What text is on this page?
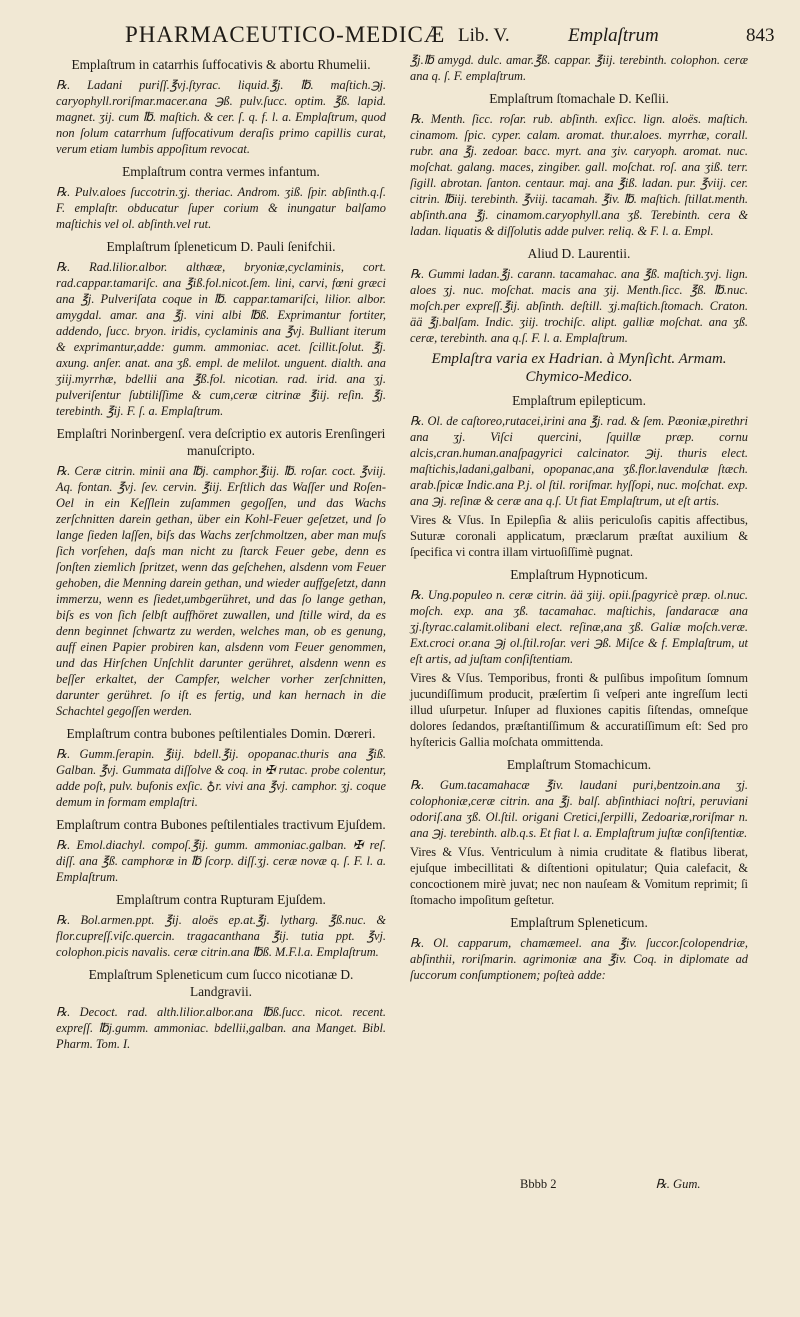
PHARMACEUTICO-MEDICÆ Lib. V.	Emplaſtrum	843
Emplaſtrum in catarrhis ſuffocativis & abortu Rhumelii.

℞. Ladani puriſſ.℥vj.ſtyrac. liquid.℥j. ℔. maſtich.℈j. caryophyll.roriſmar.macer.ana ℈ß. pulv.ſucc. optim. ℥ß. lapid. magnet. ʒij. cum ℔. maſtich. & cer. ſ. q. f. l. a. Emplaſtrum, quod non ſolum catarrhum ſuffocativum deraſis primo capillis curat, verum etiam lumbis appoſitum revocat.

Emplaſtrum contra vermes infantum.

℞. Pulv.aloes ſuccotrin.ʒj. theriac. Androm. ʒiß. ſpir. abſinth.q.ſ. F. emplaſtr. obducatur ſuper corium & inungatur balſamo maſtichis vel ol. abſinth.vel rut.

Emplaſtrum ſpleneticum D. Pauli ſenifchii.

℞. Rad.lilior.albor. althææ, bryoniæ,cyclaminis, cort. rad.cappar.tamariſc. ana ℥iß.fol.nicot.ſem. lini, carvi, fœni græci ana ℥j. Pulveriſata coque in ℔. cappar.tamariſci, lilior. albor. amygdal. amar. ana ℥j. vini albi ℔ß. Exprimantur fortiter, addendo, ſucc. bryon. iridis, cyclaminis ana ℥vj. Bulliant iterum & exprimantur,adde: gumm. ammoniac. acet. ſcillit.ſolut. ℥j. axung. anſer. anat. ana ʒß. empl. de melilot. unguent. dialth. ana ʒiij.myrrhæ, bdellii ana ℥ß.fol. nicotian. rad. irid. ana ʒj. pulveriſentur ſubtiliſſime & cum,ceræ citrinæ ℥iij. reſin. ℥j. terebinth. ℥ij. F. ſ. a. Emplaſtrum.

Emplaſtri Norinbergenſ. vera deſcriptio ex autoris Erenſingeri manuſcripto.

℞. Ceræ citrin. minii ana ℔j. camphor.℥iij. ℔. roſar. coct. ℥viij. Aq. fontan. ℥vj. ſev. cervin. ℥iij. Erſtlich das Waſſer und Roſen-Oel in ein Keſſlein zuſammen gegoſſen, und das Wachs zerſchnitten darein gethan, über ein Kohl-Feuer geſetzet, und ſo lange ſieden laſſen, biſs das Wachs zerſchmoltzen, aber man muſs ſich vorſehen, daſs man nicht zu ſtarck Feuer gebe, denn es ſonſten ziemlich ſpritzet, wenn das geſchehen, alsdenn vom Feuer gehoben, die Menning darein gethan, und wieder auffgeſetzt, dann immerzu, wenn es ſiedet,umbgerühret, und das ſo lange gethan, biſs es von ſich ſelbſt auffhöret zuwallen, und ſtille wird, da es denn beginnet ſchwartz zu werden, welches man, ob es genung, auff einen Papier probiren kan, alsdenn vom Feuer genommen, und das Hirſchen Unſchlit darunter gerühret, alsdenn wenn es beſſer erkaltet, der Campfer, welcher vorher zerſchnitten, darunter gerühret. ſo iſt es fertig, und kan hernach in die Schachtel gegoſſen werden.

Emplaſtrum contra bubones peſtilentiales Domin. Dœreri.

℞. Gumm.ſerapin. ℥iij. bdell.℥ij. opopanac.thuris ana ℥iß. Galban. ℥vj. Gummata diſſolve & coq. in ✠ rutac. probe colentur, adde poſt, pulv. bufonis exſic. ♁r. vivi ana ℥vj. camphor. ʒj. coque demum in formam emplaſtri.

Emplaſtrum contra Bubones peſtilentiales tractivum Ejuſdem.

℞. Emol.diachyl. compoſ.℥ij. gumm. ammoniac.galban. ✠ reſ. diſſ. ana ℥ß. camphoræ in ℔ ſcorp. diſſ.ʒj. ceræ novæ q. ſ. F. l. a. Emplaſtrum.

Emplaſtrum contra Rupturam Ejuſdem.

℞. Bol.armen.ppt. ℥ij. aloës ep.at.℥j. lytharg. ℥ß.nuc. & flor.cupreſſ.viſc.quercin. tragacanthana ℥ij. tutia ppt. ℥vj. colophon.picis navalis. ceræ citrin.ana ℔ß. M.F.l.a. Emplaſtrum.

Emplaſtrum Spleneticum cum ſucco nicotianæ D. Landgravii.

℞. Decoct. rad. alth.lilior.albor.ana ℔ß.ſucc. nicot. recent. expreſſ. ℔j.gumm. ammoniac. bdellii,galban. ana Manget. Bibl. Pharm. Tom. I.

℥j.℔ amygd. dulc. amar.℥ß. cappar. ℥iij. terebinth. colophon. ceræ ana q. ſ. F. emplaſtrum.

Emplaſtrum ſtomachale D. Keſlii.

℞. Menth. ſicc. roſar. rub. abſinth. exſicc. lign. aloës. maſtich. cinamom. ſpic. cyper. calam. aromat. thur.aloes. myrrhæ, corall. rubr. ana ℥j. zedoar. bacc. myrt. ana ʒiv. caryoph. aromat. nuc. moſchat. galang. maces, zingiber. gall. moſchat. roſ. ana ʒiß. terr. ſigill. abrotan. ſanton. centaur. maj. ana ℥iß. ladan. pur. ℥viij. cer. citrin. ℔iij. terebinth. ℥viij. tacamah. ℥iv. ℔. maſtich. ſtillat.menth. abſinth.ana ℥j. cinamom.caryophyll.ana ʒß. Terebinth. cera & ladan. liquatis & diſſolutis adde pulver. reliq. & F. l. a. Empl.

Aliud D. Laurentii.

℞. Gummi ladan.℥j. carann. tacamahac. ana ℥ß. maſtich.ʒvj. lign. aloes ʒj. nuc. moſchat. macis ana ʒij. Menth.ſicc. ℥ß. ℔.nuc. moſch.per expreſſ.℥ij. abſinth. deſtill. ʒj.maſtich.ſtomach. Craton. ää ℥j.balſam. Indic. ʒiij. trochiſc. alipt. galliæ moſchat. ana ʒß. ceræ, terebinth. ana q.ſ. F. l. a. Emplaſtrum.

Emplaſtra varia ex Hadrian. à Mynſicht. Armam. Chymico-Medico.
Emplaſtrum epilepticum.

℞. Ol. de caſtoreo,rutacei,irini ana ℥j. rad. & ſem. Pæoniæ,pirethri ana ʒj. Viſci quercini, ſquillæ præp. cornu alcis,cran.human.anaſpagyrici calcinator. ℈ij. thuris elect. maſtichis,ladani,galbani, opopanac,ana ʒß.flor.lavendulæ ſtæch. arab.ſpicæ Indic.ana P.j. ol ſtil. roriſmar. hyſſopi, nuc. moſchat. exp. ana ℈j. reſinæ & ceræ ana q.ſ. Ut fiat Emplaſtrum, ut eſt artis.

Vires & Vſus. In Epilepſia & aliis periculoſis capitis affectibus, Suturæ coronali applicatum, præclarum præſtat auxilium & ſpecifica vi contra illam virtuoſiſſimè pugnat.

Emplaſtrum Hypnoticum.

℞. Ung.populeo n. ceræ citrin. ää ʒiij. opii.ſpagyricè præp. ol.nuc. moſch. exp. ana ʒß. tacamahac. maſtichis, ſandaracæ ana ʒj.ſtyrac.calamit.olibani elect. reſinæ,ana ʒß. Galiæ moſch.veræ. Ext.croci or.ana ℈j ol.ſtil.roſar. veri ℈ß. Miſce & f. Emplaſtrum, ut eſt artis, ad juſtam conſiſtentiam.

Vires & Vſus. Temporibus, fronti & pulſibus impoſitum ſomnum jucundiſſimum producit, præſertim ſi veſperi ante ingreſſum lecti illud uſurpetur. Inſuper ad fluxiones capitis ſiſtendas, omneſque dolores ſedandos, præſtantiſſimum & accuratiſſimum eſt: Sed pro hyſtericis Gallia moſchata ommittenda.

Emplaſtrum Stomachicum.

℞. Gum.tacamahacæ ℥iv. laudani puri,bentzoin.ana ʒj. colophoniæ,ceræ citrin. ana ℥j. balſ. abſinthiaci noſtri, peruviani odoriſ.ana ʒß. Ol.ſtil. origani Cretici,ſerpilli, Zedoariæ,roriſmar n. ana ℈j. terebinth. alb.q.s. Et fiat l. a. Emplaſtrum juſtæ conſiſtentiæ.

Vires & Vſus. Ventriculum à nimia cruditate & flatibus liberat, ejuſque imbecillitati & diſtentioni opitulatur; Quia calefacit, & concoctionem mirè juvat; nec non nauſeam & Vomitum reprimit; ſi ſtomacho impoſitum geſtetur.

Emplaſtrum Spleneticum.

℞. Ol. capparum, chamæmeel. ana ℥iv. ſuccor.ſcolopendriæ, abſinthii, roriſmarin. agrimoniæ ana ℥iv. Coq. in diplomate ad ſuccorum conſumptionem; poſteà adde:

Bbbb 2	℞. Gum.
